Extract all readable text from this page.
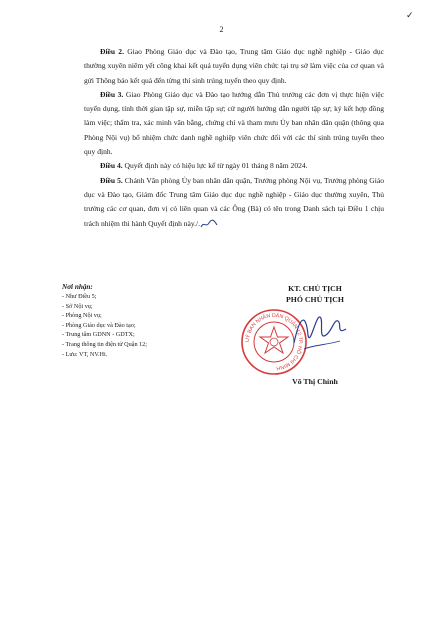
2
✓

Điều 2. Giao Phòng Giáo dục và Đào tạo, Trung tâm Giáo dục nghề nghiệp - Giáo dục thường xuyên niêm yết công khai kết quả tuyển dụng viên chức tại trụ sở làm việc của cơ quan và gửi Thông báo kết quả đến từng thí sinh trúng tuyển theo quy định.

Điều 3. Giao Phòng Giáo dục và Đào tạo hướng dẫn Thủ trưởng các đơn vị thực hiện việc tuyển dụng, tính thời gian tập sự, miễn tập sự; cử người hướng dẫn người tập sự; ký kết hợp đồng làm việc; thẩm tra, xác minh văn bằng, chứng chỉ và tham mưu Ủy ban nhân dân quận (thông qua Phòng Nội vụ) bổ nhiệm chức danh nghề nghiệp viên chức đối với các thí sinh trúng tuyển theo quy định.

Điều 4. Quyết định này có hiệu lực kể từ ngày 01 tháng 8 năm 2024.

Điều 5. Chánh Văn phòng Ủy ban nhân dân quận, Trưởng phòng Nội vụ, Trưởng phòng Giáo dục và Đào tạo, Giám đốc Trung tâm Giáo dục dục nghề nghiệp - Giáo dục thường xuyên, Thủ trưởng các cơ quan, đơn vị có liên quan và các Ông (Bà) có tên trong Danh sách tại Điều 1 chịu trách nhiệm thi hành Quyết định này./.

Nơi nhận:
- Như Điều 5;
- Sở Nội vụ;
- Phòng Nội vụ;
- Phòng Giáo dục và Đào tạo;
- Trung tâm GDNN - GDTX;
- Trang thông tin điện tử Quận 12;
- Lưu: VT, NV.Hi.
KT. CHỦ TỊCH
PHÓ CHỦ TỊCH
UỶ BAN NHÂN DÂN QUẬN 12 TP. HỒ CHÍ MINH
Võ Thị Chính
